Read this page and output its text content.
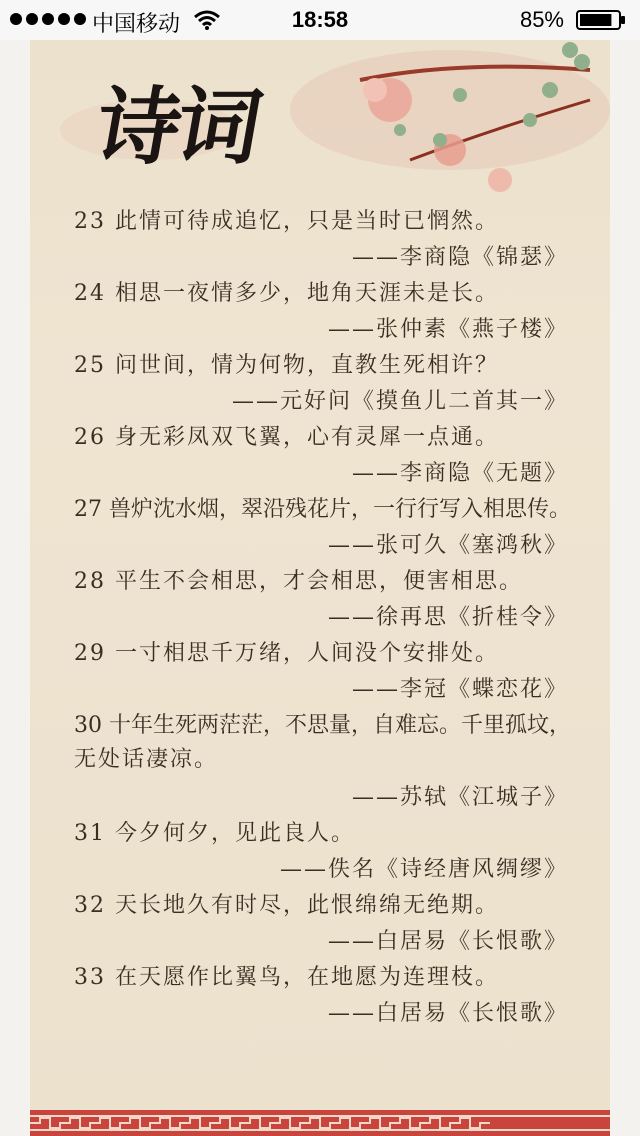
中国移动	18:58	85%
诗词
23 此情可待成追忆，只是当时已惘然。
——李商隐《锦瑟》
24 相思一夜情多少，地角天涯未是长。
——张仲素《燕子楼》
25 问世间，情为何物，直教生死相许？
——元好问《摸鱼儿二首其一》
26 身无彩凤双飞翼，心有灵犀一点通。
——李商隐《无题》
27 兽炉沈水烟，翠沿残花片，一行行写入相思传。
——张可久《塞鸿秋》
28 平生不会相思，才会相思，便害相思。
——徐再思《折桂令》
29 一寸相思千万绪，人间没个安排处。
——李冠《蝶恋花》
30 十年生死两茫茫，不思量，自难忘。千里孤坟，
无处话凄凉。
——苏轼《江城子》
31 今夕何夕，见此良人。
——佚名《诗经唐风绸缪》
32 天长地久有时尽，此恨绵绵无绝期。
——白居易《长恨歌》
33 在天愿作比翼鸟，在地愿为连理枝。
——白居易《长恨歌》
